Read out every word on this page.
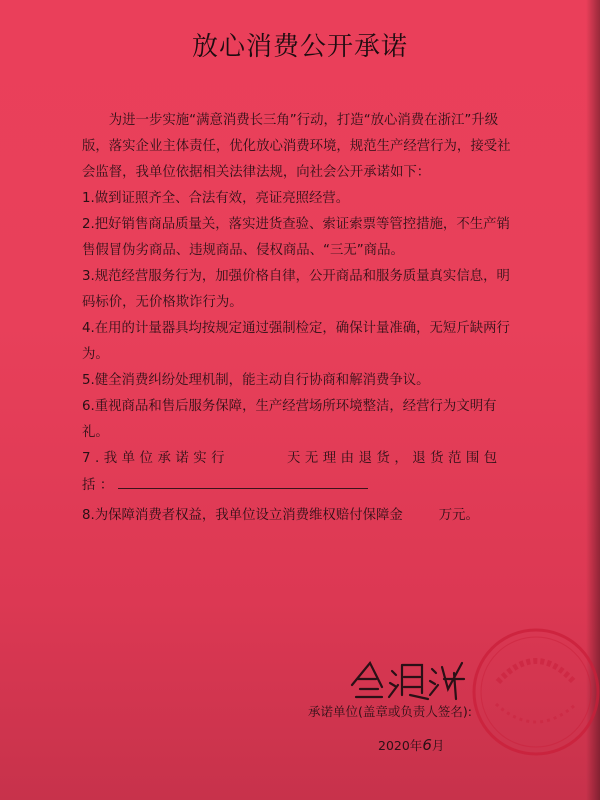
放心消费公开承诺

为进一步实施“满意消费长三角”行动，打造“放心消费在浙江”升级版，落实企业主体责任，优化放心消费环境，规范生产经营行为，接受社会监督，我单位依据相关法律法规，向社会公开承诺如下：

1.做到证照齐全、合法有效，亮证亮照经营。

2.把好销售商品质量关，落实进货查验、索证索票等管控措施，不生产销售假冒伪劣商品、违规商品、侵权商品、“三无”商品。

3.规范经营服务行为，加强价格自律，公开商品和服务质量真实信息，明码标价，无价格欺诈行为。

4.在用的计量器具均按规定通过强制检定，确保计量准确，无短斤缺两行为。

5.健全消费纠纷处理机制，能主动自行协商和解消费争议。

6.重视商品和售后服务保障，生产经营场所环境整洁，经营行为文明有礼。

7.我单位承诺实行	天无理由退货，退货范围包括：

8.为保障消费者权益，我单位设立消费维权赔付保障金	万元。

承诺单位(盖章或负责人签名):
2020年6月
